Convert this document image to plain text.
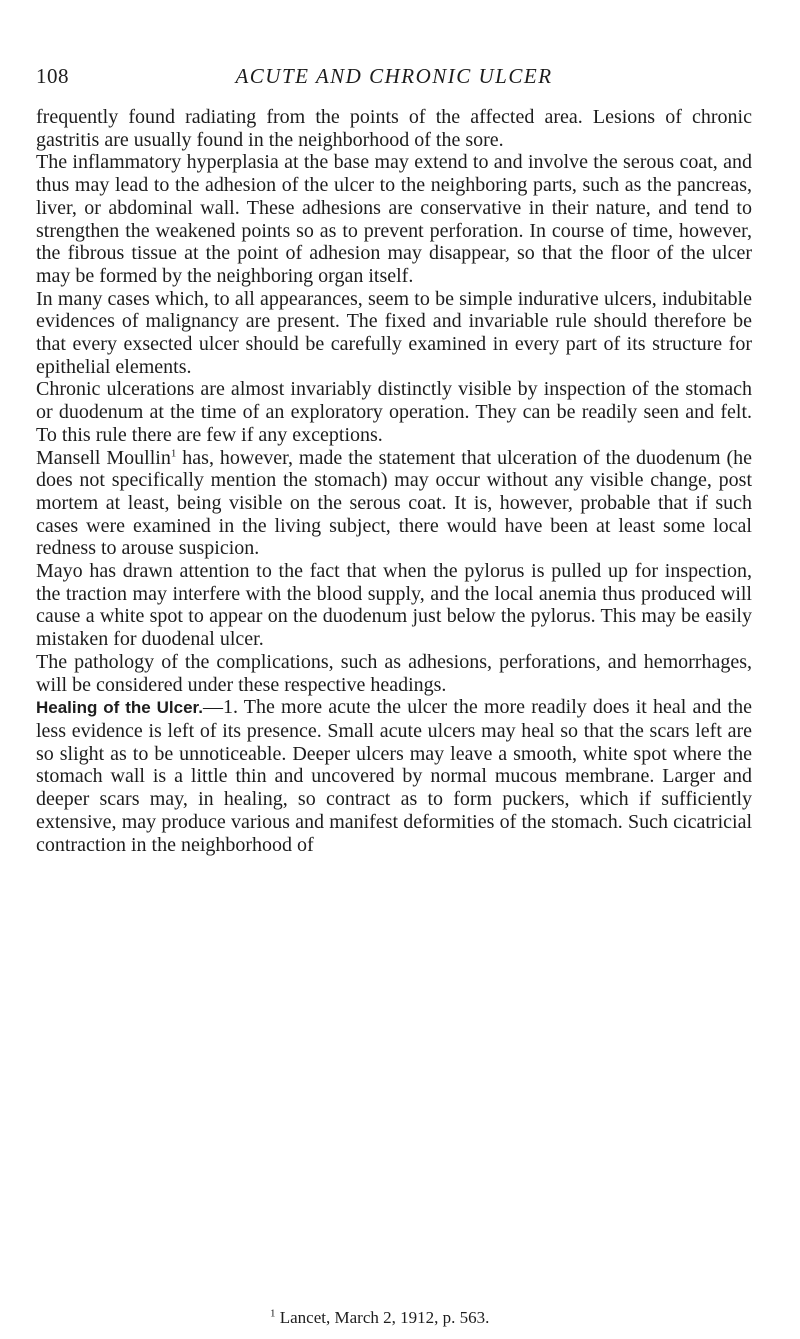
108	ACUTE AND CHRONIC ULCER

frequently found radiating from the points of the affected area. Lesions of chronic gastritis are usually found in the neighborhood of the sore.

The inflammatory hyperplasia at the base may extend to and involve the serous coat, and thus may lead to the adhesion of the ulcer to the neighboring parts, such as the pancreas, liver, or abdominal wall. These adhesions are conservative in their nature, and tend to strengthen the weakened points so as to prevent perforation. In course of time, however, the fibrous tissue at the point of adhesion may disappear, so that the floor of the ulcer may be formed by the neighboring organ itself.

In many cases which, to all appearances, seem to be simple indurative ulcers, indubitable evidences of malignancy are present. The fixed and invariable rule should therefore be that every exsected ulcer should be carefully examined in every part of its structure for epithelial elements.

Chronic ulcerations are almost invariably distinctly visible by inspection of the stomach or duodenum at the time of an exploratory operation. They can be readily seen and felt. To this rule there are few if any exceptions.

Mansell Moullin$^1$ has, however, made the statement that ulceration of the duodenum (he does not specifically mention the stomach) may occur without any visible change, post mortem at least, being visible on the serous coat. It is, however, probable that if such cases were examined in the living subject, there would have been at least some local redness to arouse suspicion.

Mayo has drawn attention to the fact that when the pylorus is pulled up for inspection, the traction may interfere with the blood supply, and the local anemia thus produced will cause a white spot to appear on the duodenum just below the pylorus. This may be easily mistaken for duodenal ulcer.

The pathology of the complications, such as adhesions, perforations, and hemorrhages, will be considered under these respective headings.

Healing of the Ulcer.—1. The more acute the ulcer the more readily does it heal and the less evidence is left of its presence. Small acute ulcers may heal so that the scars left are so slight as to be unnoticeable. Deeper ulcers may leave a smooth, white spot where the stomach wall is a little thin and uncovered by normal mucous membrane. Larger and deeper scars may, in healing, so contract as to form puckers, which if sufficiently extensive, may produce various and manifest deformities of the stomach. Such cicatricial contraction in the neighborhood of

$^1$ Lancet, March 2, 1912, p. 563.
